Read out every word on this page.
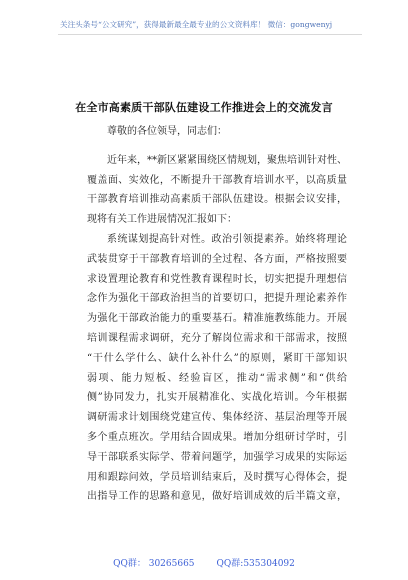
关注头条号“公文研究”，获得最新最全最专业的公文资料库！ 微信：gongwenyj
在全市高素质干部队伍建设工作推进会上的交流发言
尊敬的各位领导，同志们：
近年来，**新区紧紧围绕区情规划，聚焦培训针对性、
覆盖面、实效化，不断提升干部教育培训水平，以高质量
干部教育培训推动高素质干部队伍建设。根据会议安排，
现将有关工作进展情况汇报如下：
系统谋划提高针对性。政治引领提素养。始终将理论
武装贯穿于干部教育培训的全过程、各方面，严格按照要
求设置理论教育和党性教育课程时长，切实把提升理想信
念作为强化干部政治担当的首要切口，把提升理论素养作
为强化干部政治能力的重要基石。精准施教练能力。开展
培训课程需求调研，充分了解岗位需求和干部需求，按照
“干什么学什么、缺什么补什么”的原则，紧盯干部知识
弱项、能力短板、经验盲区，推动“需求侧”和“供给
侧”协同发力，扎实开展精准化、实战化培训。今年根据
调研需求计划围绕党建宣传、集体经济、基层治理等开展
多个重点班次。学用结合固成果。增加分组研讨学时，引
导干部联系实际学、带着问题学，加强学习成果的实际运
用和跟踪问效，学员培训结束后，及时撰写心得体会，提
出指导工作的思路和意见，做好培训成效的后半篇文章，
QQ群： 30265665 QQ群:535304092
